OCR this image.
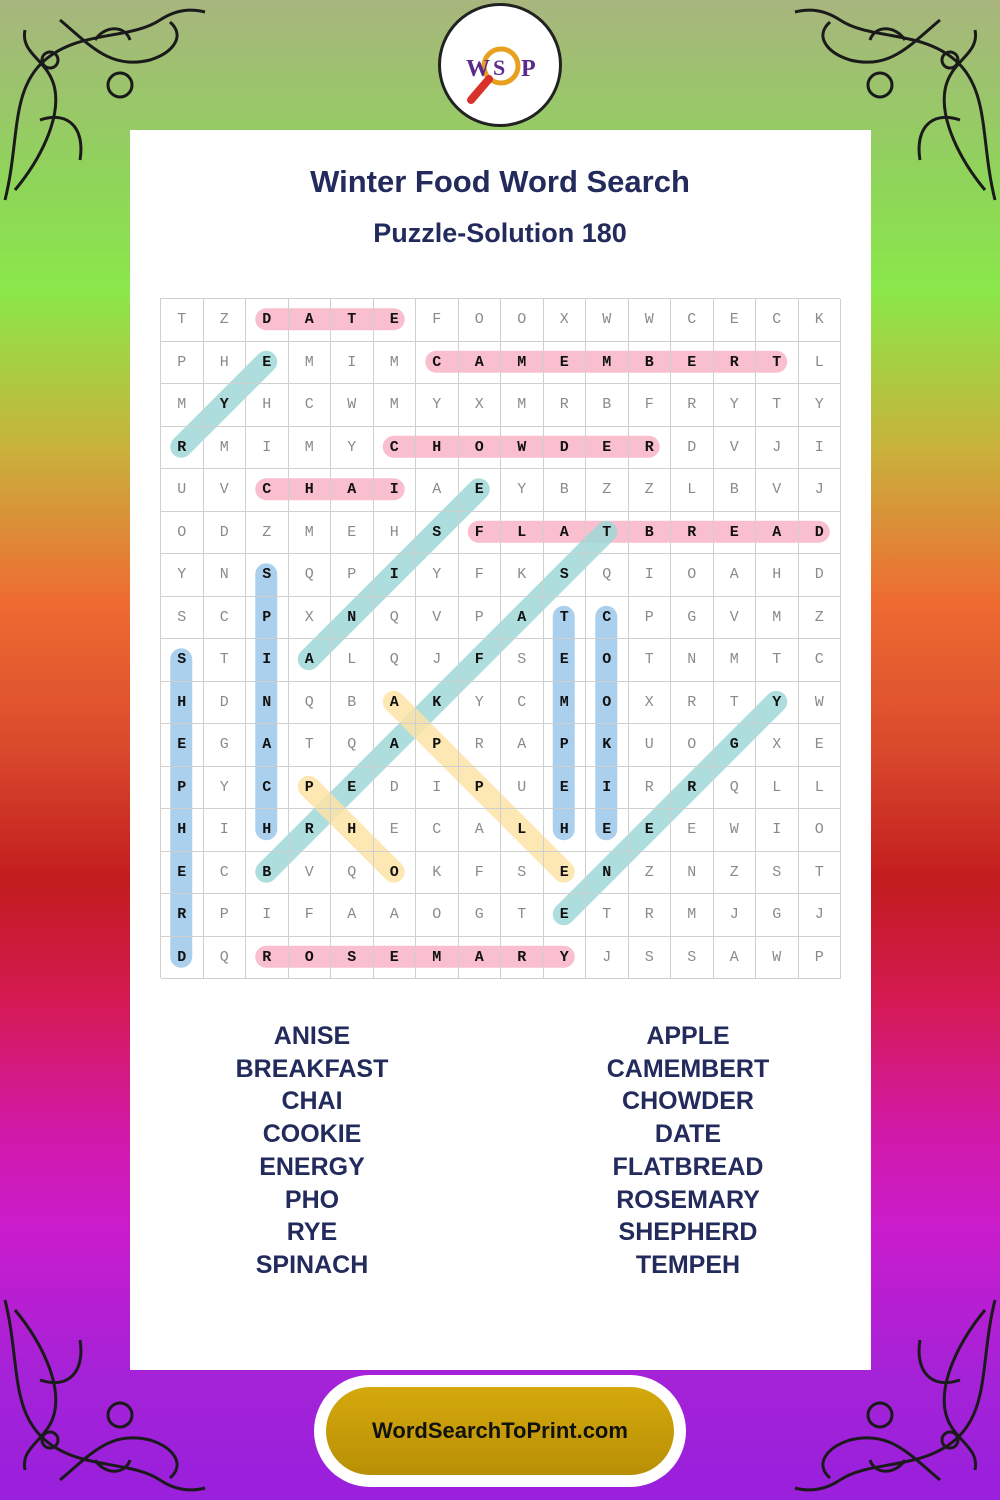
W S P
Winter Food Word Search
Puzzle-Solution 180
T	Z	D	A	T	E	F	O	O	X	W	W	C	E	C	K
P	H	E	M	I	M	C	A	M	E	M	B	E	R	T	L
M	Y	H	C	W	M	Y	X	M	R	B	F	R	Y	T	Y
R	M	I	M	Y	C	H	O	W	D	E	R	D	V	J	I
U	V	C	H	A	I	A	E	Y	B	Z	Z	L	B	V	J
O	D	Z	M	E	H	S	F	L	A	T	B	R	E	A	D
Y	N	S	Q	P	I	Y	F	K	S	Q	I	O	A	H	D
S	C	P	X	N	Q	V	P	A	T	C	P	G	V	M	Z
S	T	I	A	L	Q	J	F	S	E	O	T	N	M	T	C
H	D	N	Q	B	A	K	Y	C	M	O	X	R	T	Y	W
E	G	A	T	Q	A	P	R	A	P	K	U	O	G	X	E
P	Y	C	P	E	D	I	P	U	E	I	R	R	Q	L	L
H	I	H	R	H	E	C	A	L	H	E	E	E	W	I	O
E	C	B	V	Q	O	K	F	S	E	N	Z	N	Z	S	T
R	P	I	F	A	A	O	G	T	E	T	R	M	J	G	J
D	Q	R	O	S	E	M	A	R	Y	J	S	S	A	W	P
ANISE
BREAKFAST
CHAI
COOKIE
ENERGY
PHO
RYE
SPINACH
APPLE
CAMEMBERT
CHOWDER
DATE
FLATBREAD
ROSEMARY
SHEPHERD
TEMPEH
WordSearchToPrint.com
